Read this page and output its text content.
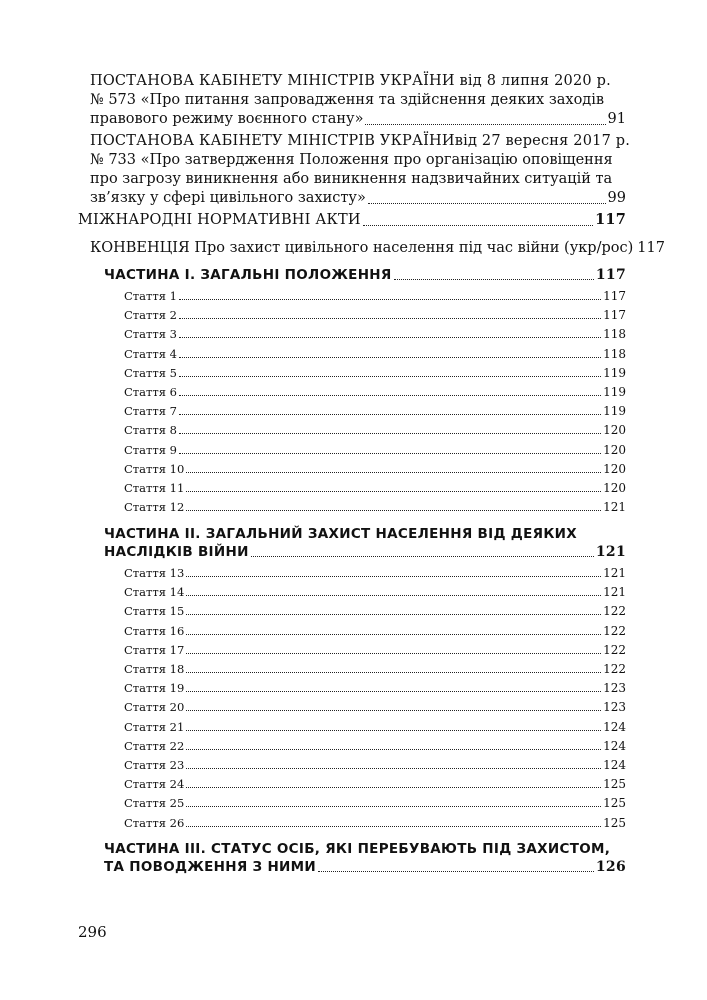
ПОСТАНОВА КАБІНЕТУ МІНІСТРІВ УКРАЇНИ від 8 липня 2020 р.
№ 573 «Про питання запровадження та здійснення деяких заходів
правового режиму воєнного стану»	91
ПОСТАНОВА КАБІНЕТУ МІНІСТРІВ УКРАЇНИвід 27 вересня 2017 р.
№ 733 «Про затвердження Положення про організацію оповіщення
про загрозу виникнення або виникнення надзвичайних ситуацій та
зв’язку у сфері цивільного захисту»	99
МІЖНАРОДНІ НОРМАТИВНІ АКТИ	117
КОНВЕНЦІЯ Про захист цивільного населення під час війни (укр/рос) 117
ЧАСТИНА І. ЗАГАЛЬНІ ПОЛОЖЕННЯ	117
Стаття 1	117
Стаття 2	117
Стаття 3	118
Стаття 4	118
Стаття 5	119
Стаття 6	119
Стаття 7	119
Стаття 8	120
Стаття 9	120
Стаття 10	120
Стаття 11	120
Стаття 12	121
ЧАСТИНА ІІ. ЗАГАЛЬНИЙ ЗАХИСТ НАСЕЛЕННЯ ВІД ДЕЯКИХ
НАСЛІДКІВ ВІЙНИ	121
Стаття 13	121
Стаття 14	121
Стаття 15	122
Стаття 16	122
Стаття 17	122
Стаття 18	122
Стаття 19	123
Стаття 20	123
Стаття 21	124
Стаття 22	124
Стаття 23	124
Стаття 24	125
Стаття 25	125
Стаття 26	125
ЧАСТИНА ІІІ. СТАТУС ОСІБ, ЯКІ ПЕРЕБУВАЮТЬ ПІД ЗАХИСТОМ,
ТА ПОВОДЖЕННЯ З НИМИ	126
296
